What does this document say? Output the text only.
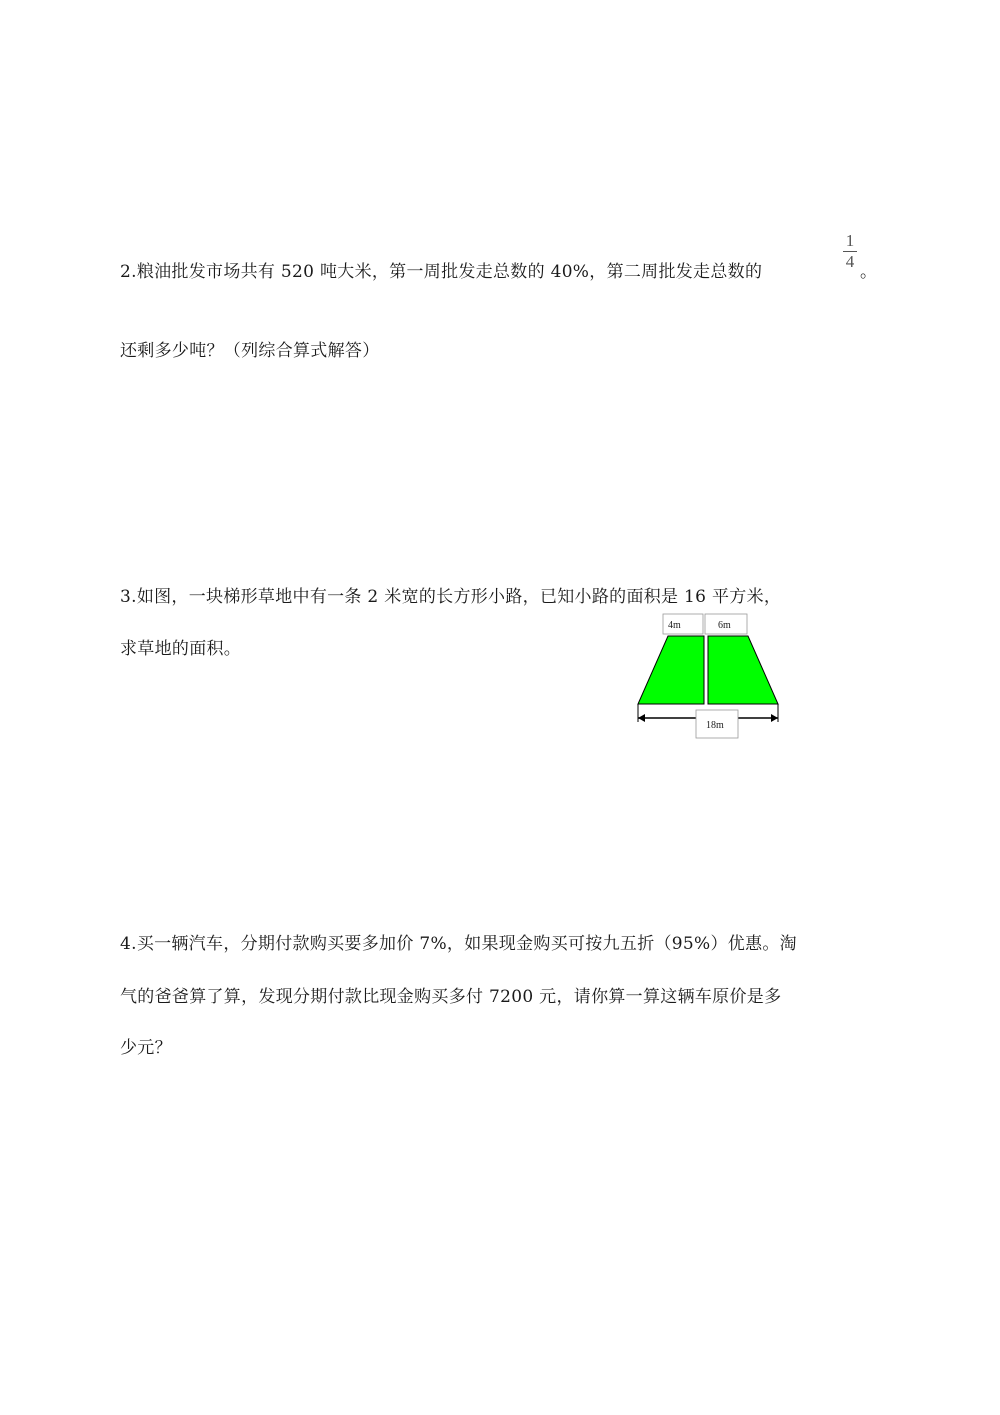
2.粮油批发市场共有 520 吨大米，第一周批发走总数的 40%，第二周批发走总数的
1
4
。
还剩多少吨？（列综合算式解答）
3.如图，一块梯形草地中有一条 2 米宽的长方形小路，已知小路的面积是 16 平方米，
求草地的面积。
4m	6m
18m
4.买一辆汽车，分期付款购买要多加价 7%，如果现金购买可按九五折（95%）优惠。淘
气的爸爸算了算，发现分期付款比现金购买多付 7200 元，请你算一算这辆车原价是多
少元？
